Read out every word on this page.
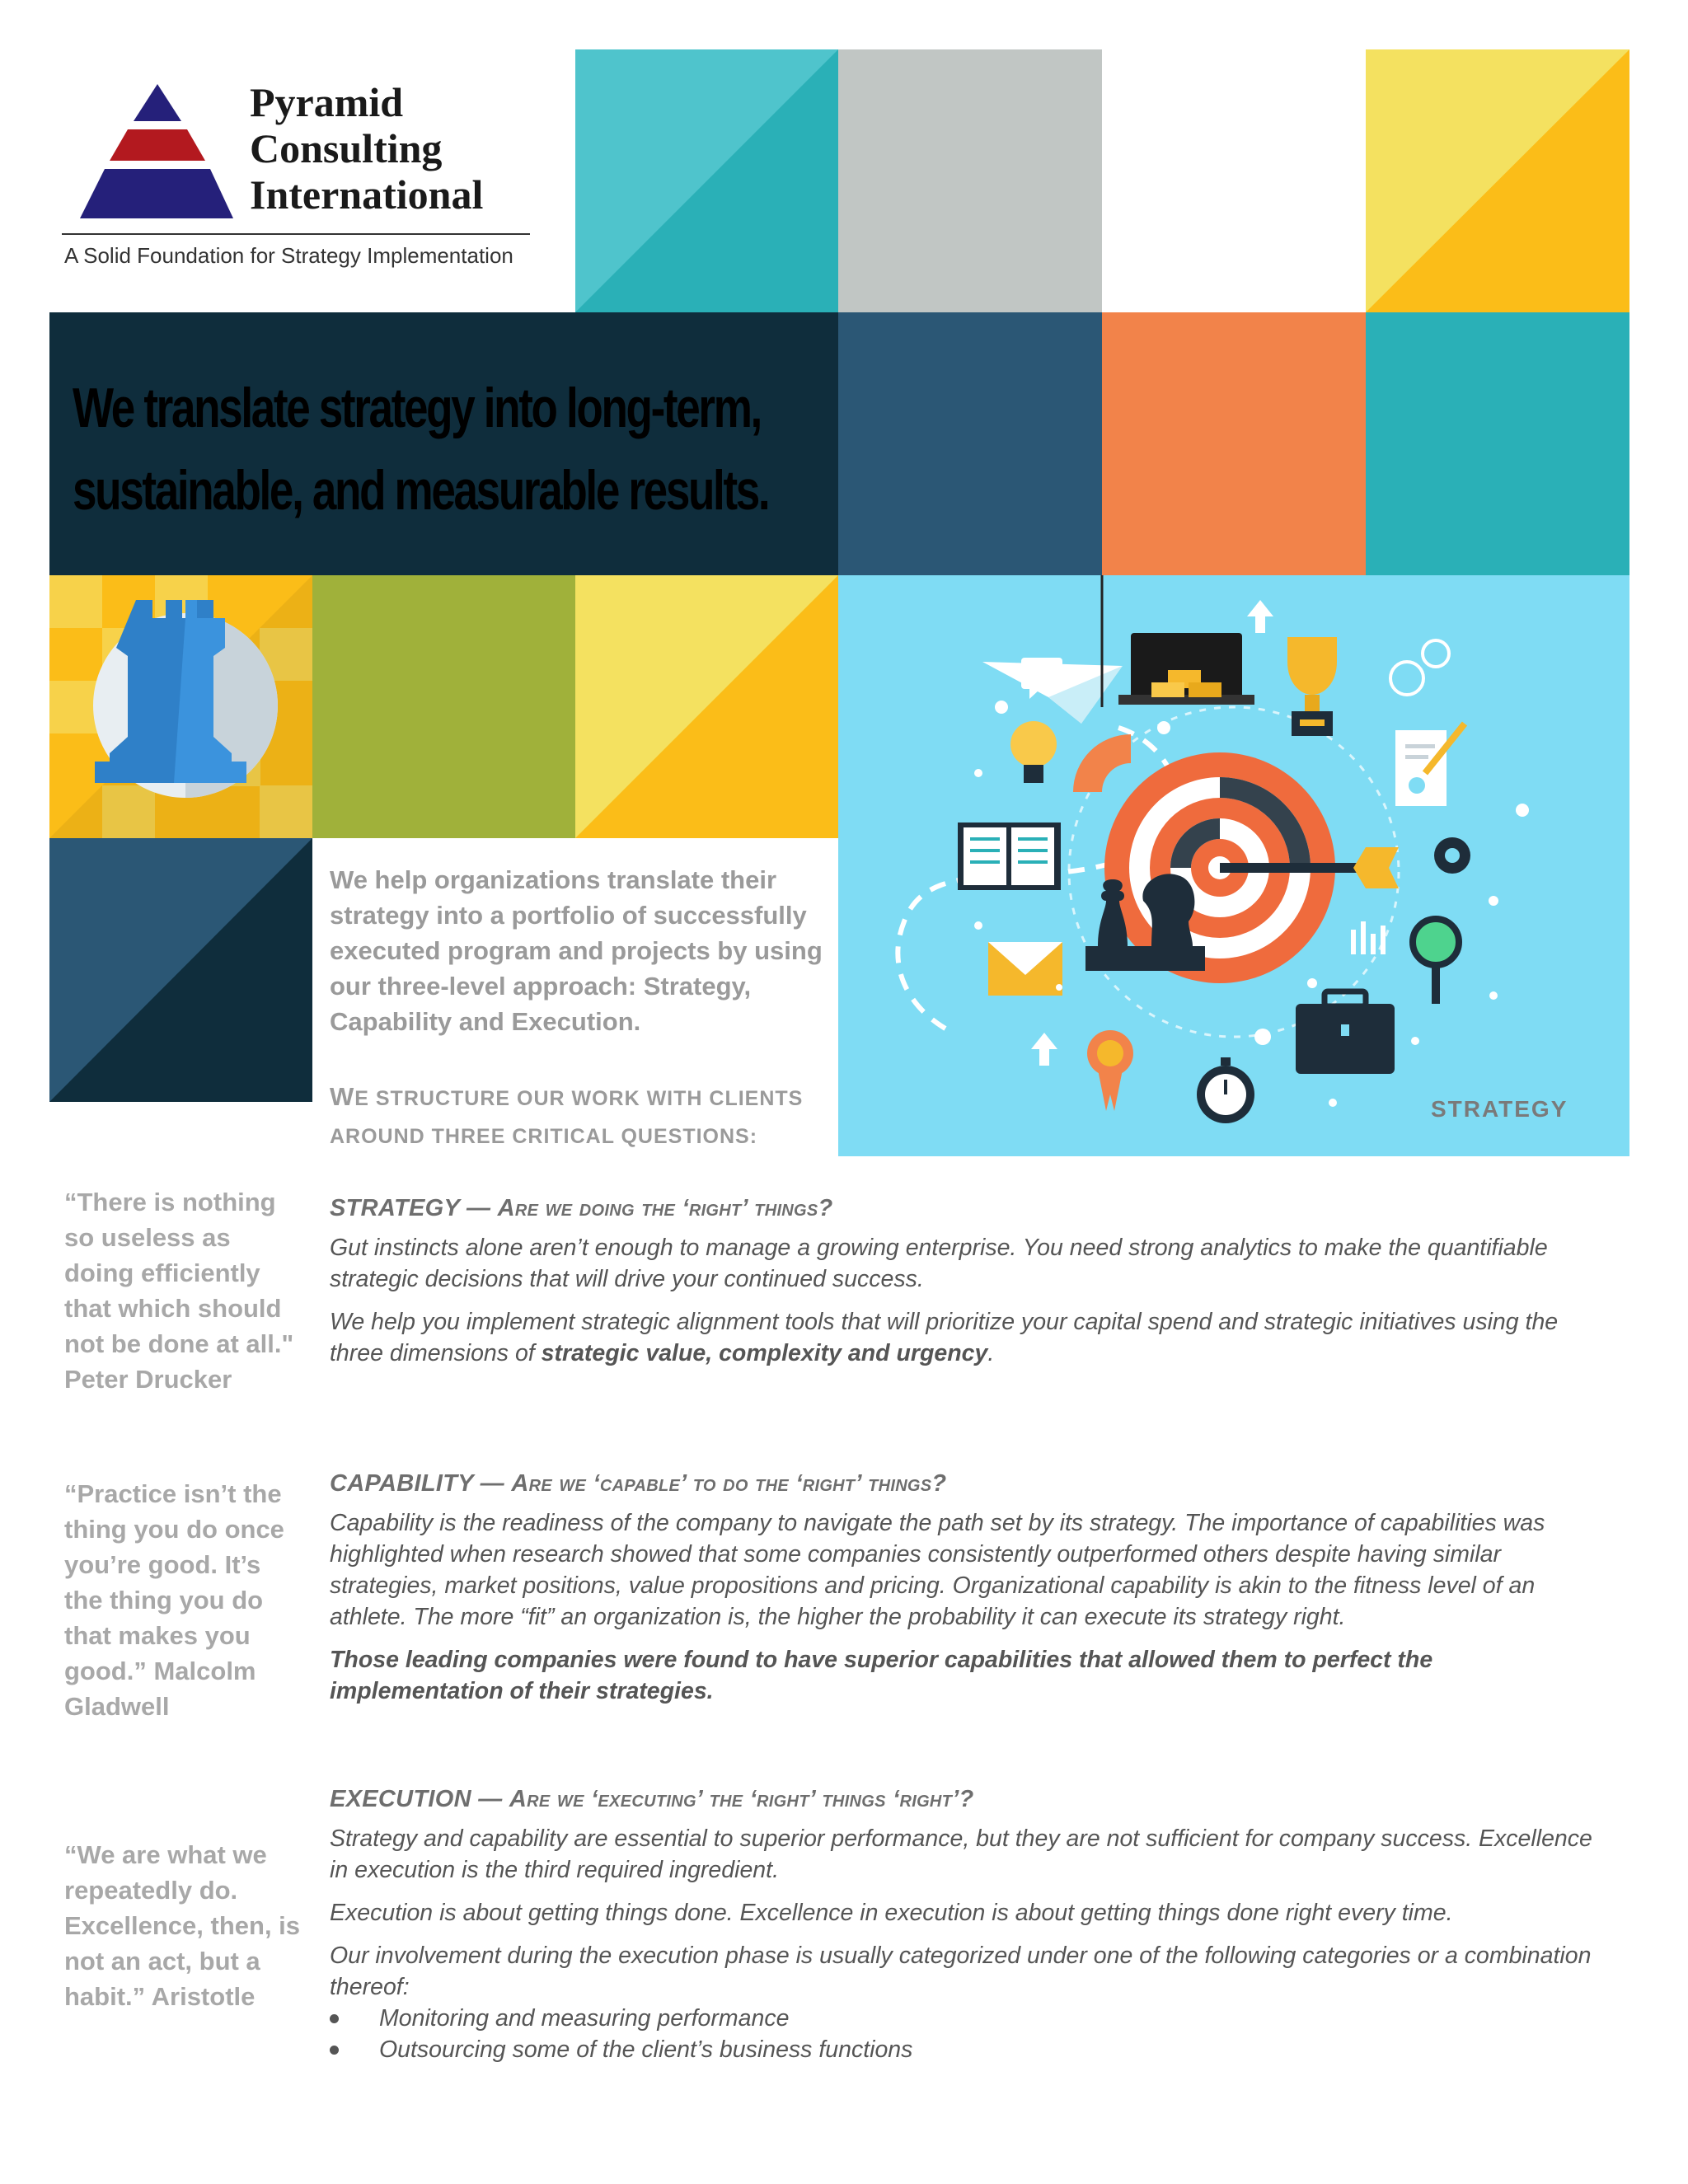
Pyramid
Consulting
International
A Solid Foundation for Strategy Implementation
We translate strategy into long-term,
sustainable, and measurable results.
STRATEGY
We help organizations translate their strategy into a portfolio of successfully executed program and projects by using our three-level approach: Strategy, Capability and Execution.
WE STRUCTURE OUR WORK WITH CLIENTS AROUND THREE CRITICAL QUESTIONS:
“There is nothing so useless as doing efficiently that which should not be done at all." Peter Drucker
“Practice isn’t the thing you do once you’re good. It’s the thing you do that makes you good.” Malcolm Gladwell
“We are what we repeatedly do. Excellence, then, is not an act, but a habit.” Aristotle
STRATEGY — Are we doing the ‘right’ things?

Gut instincts alone aren’t enough to manage a growing enterprise. You need strong analytics to make the quantifiable strategic decisions that will drive your continued success.

We help you implement strategic alignment tools that will prioritize your capital spend and strategic initiatives using the three dimensions of strategic value, complexity and urgency.

CAPABILITY — Are we ‘capable’ to do the ‘right’ things?

Capability is the readiness of the company to navigate the path set by its strategy. The importance of capabilities was highlighted when research showed that some companies consistently outperformed others despite having similar strategies, market positions, value propositions and pricing. Organizational capability is akin to the fitness level of an athlete. The more “fit” an organization is, the higher the probability it can execute its strategy right.

Those leading companies were found to have superior capabilities that allowed them to perfect the implementation of their strategies.

EXECUTION — Are we ‘executing’ the ‘right’ things ‘right’?

Strategy and capability are essential to superior performance, but they are not sufficient for company success. Excellence in execution is the third required ingredient.

Execution is about getting things done. Excellence in execution is about getting things done right every time.

Our involvement during the execution phase is usually categorized under one of the following categories or a combination thereof:

Monitoring and measuring performance
Outsourcing some of the client’s business functions
